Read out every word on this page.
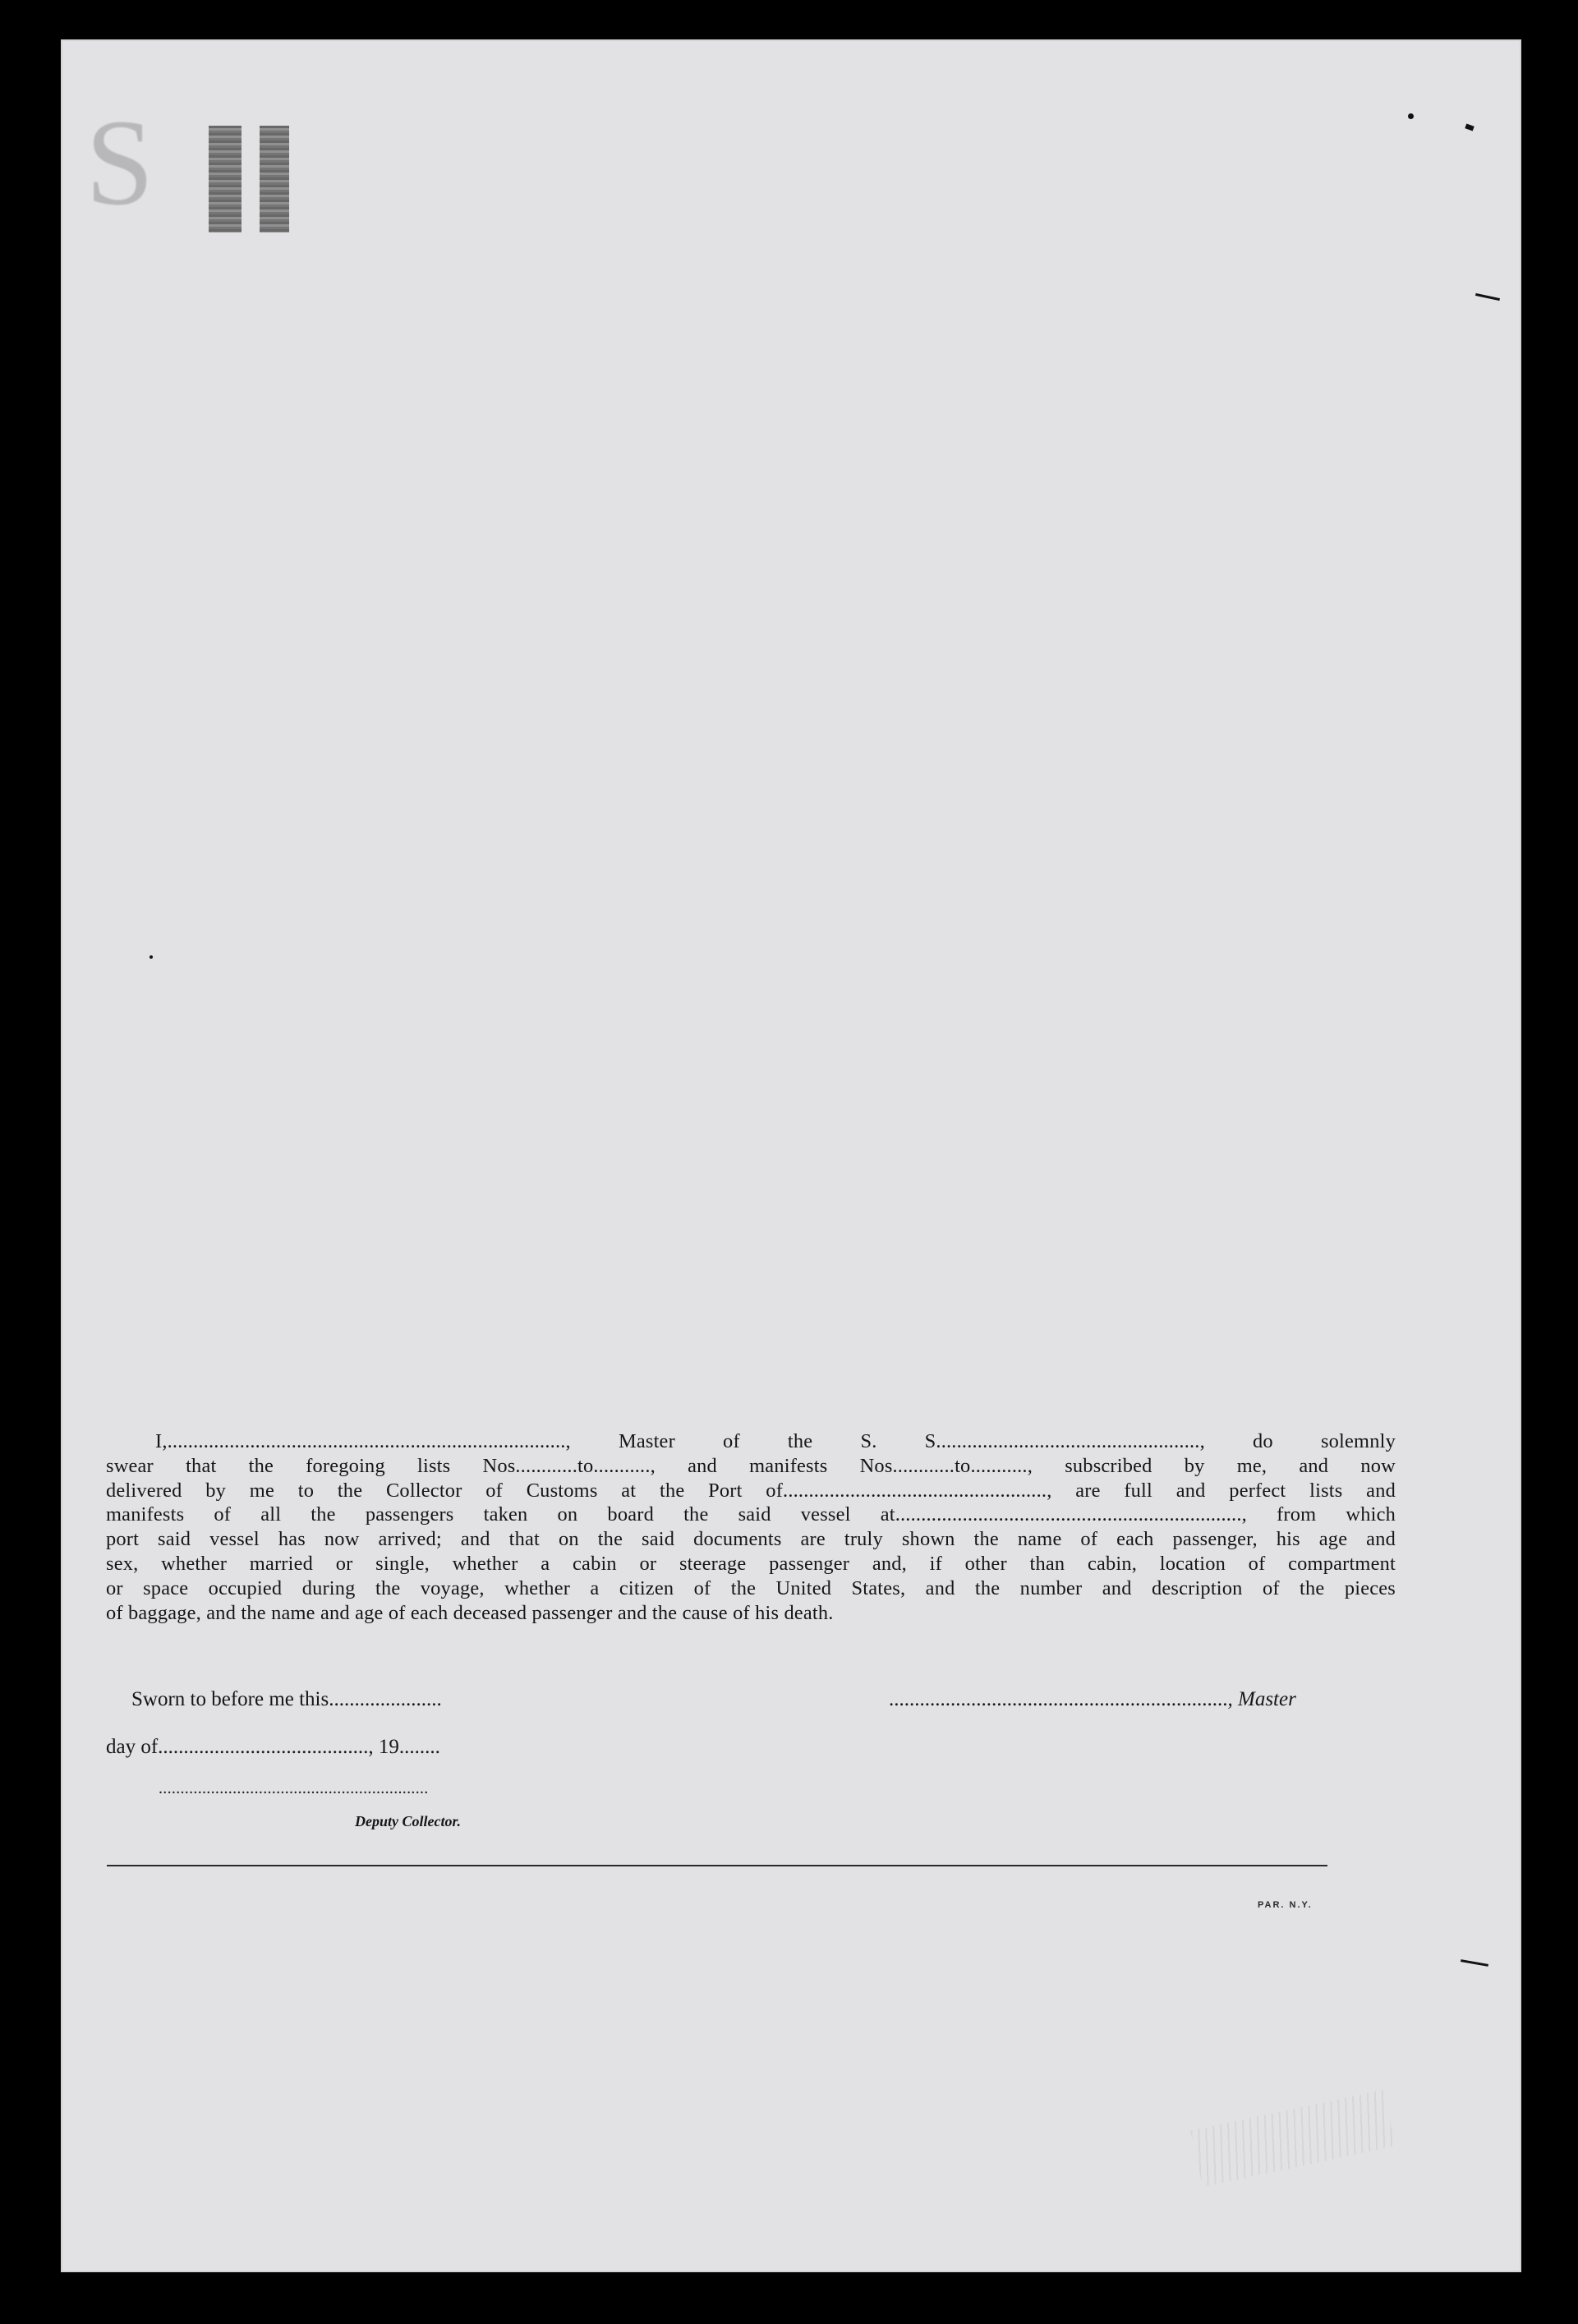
S
I,............................................................................., Master of the S. S..................................................., do solemnly
swear that the foregoing lists Nos............to..........., and manifests Nos............to..........., subscribed by me, and now
delivered by me to the Collector of Customs at the Port of..................................................., are full and perfect lists and
manifests of all the passengers taken on board the said vessel at..................................................................., from which
port said vessel has now arrived; and that on the said documents are truly shown the name of each passenger, his age and
sex, whether married or single, whether a cabin or steerage passenger and, if other than cabin, location of compartment
or space occupied during the voyage, whether a citizen of the United States, and the number and description of the pieces
of baggage, and the name and age of each deceased passenger and the cause of his death.
Sworn to before me this......................	.................................................................., Master
day of........................................., 19........
..............................................................
Deputy Collector.
PAR. N.Y.
